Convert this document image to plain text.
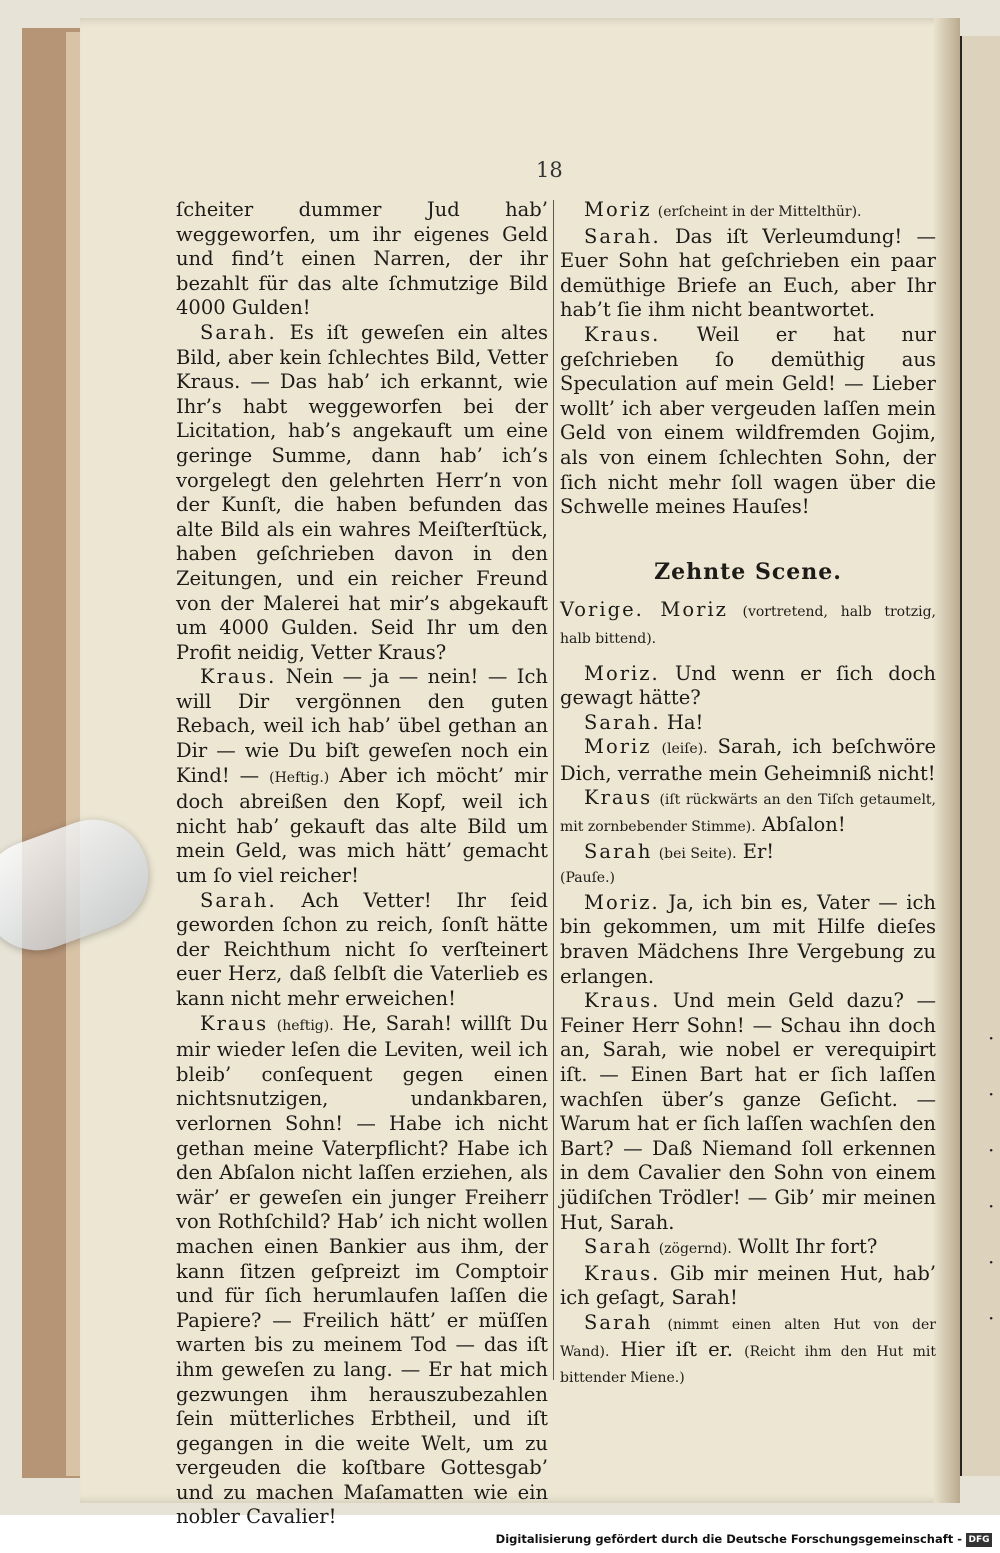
·
·
·
·
·
·
18

ſcheiter dummer Jud hab’ weggeworfen, um ihr eigenes Geld und find’t einen Narren, der ihr bezahlt für das alte ſchmutzige Bild 4000 Gulden!

Sarah. Es iſt geweſen ein altes Bild, aber kein ſchlechtes Bild, Vetter Kraus. — Das hab’ ich erkannt, wie Ihr’s habt weggeworfen bei der Licitation, hab’s angekauft um eine geringe Summe, dann hab’ ich’s vorgelegt den gelehrten Herr’n von der Kunſt, die haben befunden das alte Bild als ein wahres Meiſterſtück, haben geſchrieben davon in den Zeitungen, und ein reicher Freund von der Malerei hat mir’s abgekauft um 4000 Gulden. Seid Ihr um den Profit neidig, Vetter Kraus?

Kraus. Nein — ja — nein! — Ich will Dir vergönnen den guten Rebach, weil ich hab’ übel gethan an Dir — wie Du biſt geweſen noch ein Kind! — (Heftig.) Aber ich möcht’ mir doch abreißen den Kopf, weil ich nicht hab’ gekauft das alte Bild um mein Geld, was mich hätt’ gemacht um ſo viel reicher!

Sarah. Ach Vetter! Ihr ſeid geworden ſchon zu reich, ſonſt hätte der Reichthum nicht ſo verſteinert euer Herz, daß ſelbſt die Vaterlieb es kann nicht mehr erweichen!

Kraus (heftig). He, Sarah! willſt Du mir wieder leſen die Leviten, weil ich bleib’ conſequent gegen einen nichtsnutzigen, undankbaren, verlornen Sohn! — Habe ich nicht gethan meine Vaterpflicht? Habe ich den Abſalon nicht laſſen erziehen, als wär’ er geweſen ein junger Freiherr von Rothſchild? Hab’ ich nicht wollen machen einen Bankier aus ihm, der kann ſitzen geſpreizt im Comptoir und für ſich herumlaufen laſſen die Papiere? — Freilich hätt’ er müſſen warten bis zu meinem Tod — das iſt ihm geweſen zu lang. — Er hat mich gezwungen ihm herauszubezahlen ſein mütterliches Erbtheil, und iſt gegangen in die weite Welt, um zu vergeuden die koſtbare Gottesgab’ und zu machen Maſamatten wie ein nobler Cavalier!

Moriz (erſcheint in der Mittelthür).

Sarah. Das iſt Verleumdung! — Euer Sohn hat geſchrieben ein paar demüthige Briefe an Euch, aber Ihr hab’t ſie ihm nicht beantwortet.

Kraus. Weil er hat nur geſchrieben ſo demüthig aus Speculation auf mein Geld! — Lieber wollt’ ich aber vergeuden laſſen mein Geld von einem wildfremden Gojim, als von einem ſchlechten Sohn, der ſich nicht mehr ſoll wagen über die Schwelle meines Hauſes!

Zehnte Scene.

Vorige. Moriz (vortretend, halb trotzig, halb bittend).

Moriz. Und wenn er ſich doch gewagt hätte?

Sarah. Ha!

Moriz (leiſe). Sarah, ich beſchwöre Dich, verrathe mein Geheimniß nicht!

Kraus (iſt rückwärts an den Tiſch getaumelt, mit zornbebender Stimme). Abſalon!

Sarah (bei Seite). Er!

(Pauſe.)

Moriz. Ja, ich bin es, Vater — ich bin gekommen, um mit Hilfe dieſes braven Mädchens Ihre Vergebung zu erlangen.

Kraus. Und mein Geld dazu? — Feiner Herr Sohn! — Schau ihn doch an, Sarah, wie nobel er verequipirt iſt. — Einen Bart hat er ſich laſſen wachſen über’s ganze Geſicht. — Warum hat er ſich laſſen wachſen den Bart? — Daß Niemand ſoll erkennen in dem Cavalier den Sohn von einem jüdiſchen Trödler! — Gib’ mir meinen Hut, Sarah.

Sarah (zögernd). Wollt Ihr fort?

Kraus. Gib mir meinen Hut, hab’ ich geſagt, Sarah!

Sarah (nimmt einen alten Hut von der Wand). Hier iſt er. (Reicht ihm den Hut mit bittender Miene.)

Digitalisierung gefördert durch die Deutsche Forschungsgemeinschaft - DFG
